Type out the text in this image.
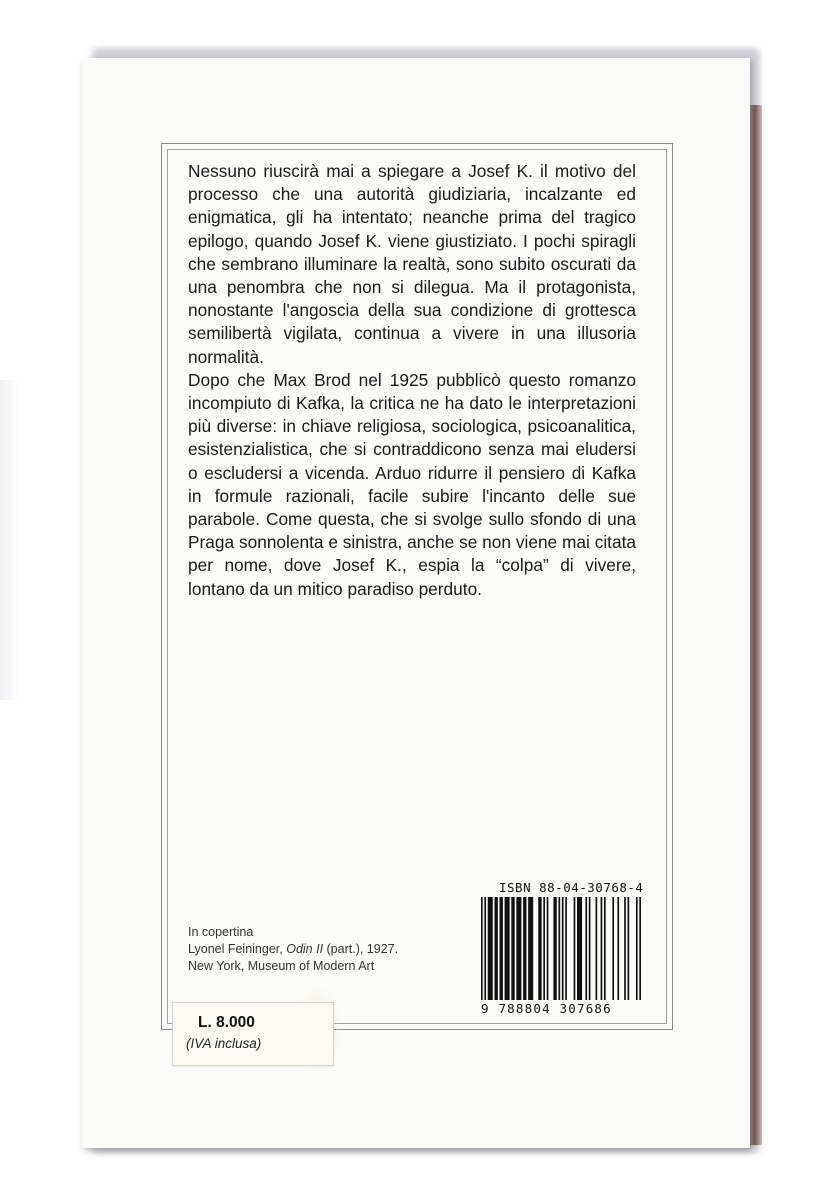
Nessuno riuscirà mai a spiegare a Josef K. il motivo del processo che una autorità giudiziaria, incalzante ed enigmatica, gli ha intentato; neanche prima del tragico epilogo, quando Josef K. viene giustiziato. I pochi spiragli che sembrano illuminare la realtà, sono subito oscurati da una penombra che non si dilegua. Ma il protagonista, nonostante l'angoscia della sua condizione di grottesca semilibertà vigilata, continua a vivere in una illusoria normalità.

Dopo che Max Brod nel 1925 pubblicò questo romanzo incompiuto di Kafka, la critica ne ha dato le interpretazioni più diverse: in chiave religiosa, sociologica, psicoanalitica, esistenzialistica, che si contraddicono senza mai eludersi o escludersi a vicenda. Arduo ridurre il pensiero di Kafka in formule razionali, facile subire l'incanto delle sue parabole. Come questa, che si svolge sullo sfondo di una Praga sonnolenta e sinistra, anche se non viene mai citata per nome, dove Josef K., espia la “colpa” di vivere, lontano da un mitico paradiso perduto.

ISBN 88-04-30768-4
9 788804 307686
In copertina
Lyonel Feininger, Odin II (part.), 1927.
New York, Museum of Modern Art
L. 8.000
(IVA inclusa)
